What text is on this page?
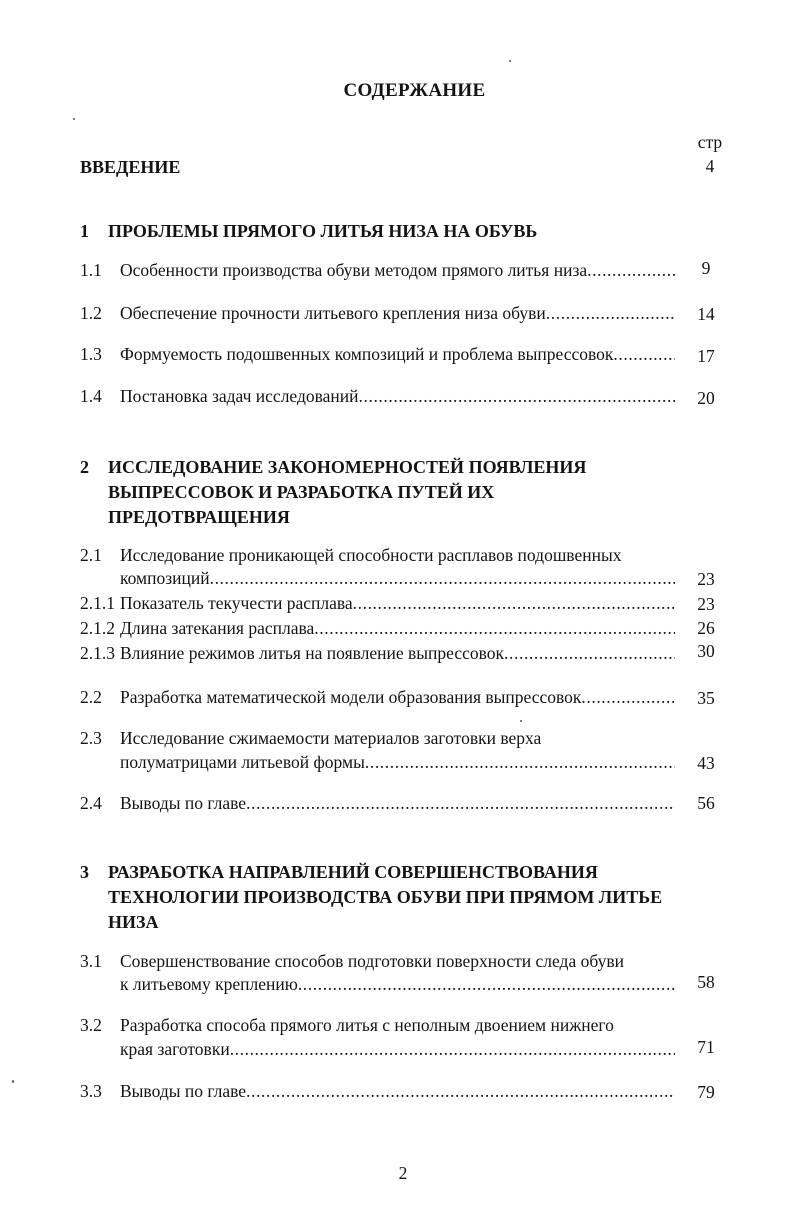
СОДЕРЖАНИЕ
стр
ВВЕДЕНИЕ	4
1	ПРОБЛЕМЫ ПРЯМОГО ЛИТЬЯ НИЗА НА ОБУВЬ
1.1 Особенности производства обуви методом прямого литья низа .....	9
1.2 Обеспечение прочности литьевого крепления низа обуви .....	14
1.3 Формуемость подошвенных композиций и проблема выпрессовок .....	17
1.4 Постановка задач исследований .....	20
2	ИССЛЕДОВАНИЕ ЗАКОНОМЕРНОСТЕЙ ПОЯВЛЕНИЯ ВЫПРЕССОВОК И РАЗРАБОТКА ПУТЕЙ ИХ ПРЕДОТВРАЩЕНИЯ
2.1 Исследование проникающей способности расплавов подошвенных
композиций .....	23
2.1.1 Показатель текучести расплава .....	23
2.1.2 Длина затекания расплава .....	26
2.1.3 Влияние режимов литья на появление выпрессовок .....	30
2.2 Разработка математической модели образования выпрессовок .....	35
2.3 Исследование сжимаемости материалов заготовки верха
полуматрицами литьевой формы .....	43
2.4 Выводы по главе .....	56
3	РАЗРАБОТКА НАПРАВЛЕНИЙ СОВЕРШЕНСТВОВАНИЯ ТЕХНОЛОГИИ ПРОИЗВОДСТВА ОБУВИ ПРИ ПРЯМОМ ЛИТЬЕ НИЗА
3.1 Совершенствование способов подготовки поверхности следа обуви
к литьевому креплению .....	58
3.2 Разработка способа прямого литья с неполным двоением нижнего
края заготовки .....	71
3.3 Выводы по главе .....	79
2
